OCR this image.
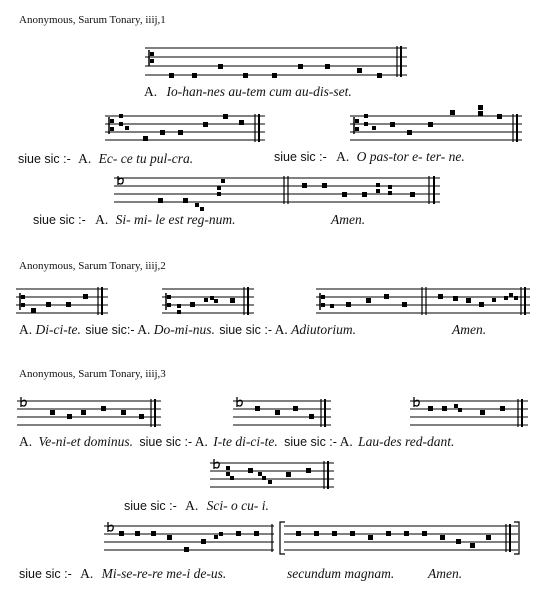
Anonymous, Sarum Tonary, iiij,1
A. Io-han-nes au-tem cum au-dis-set.
siue sic :- A. Ec- ce tu pul-cra.	siue sic :- A. O pas-tor e- ter- ne.
siue sic :- A. Si- mi- le est reg-num.	Amen.
Anonymous, Sarum Tonary, iiij,2
A. Di-ci-te. siue sic:- A. Do-mi-nus. siue sic :- A. Adiutorium.	Amen.
Anonymous, Sarum Tonary, iiij,3
A. Ve-ni-et dominus. siue sic :- A. I-te di-ci-te. siue sic :- A. Lau-des red-dant.
siue sic :- A. Sci- o cu- i.
siue sic :- A. Mi-se-re-re me-i de-us.	secundum magnam.	Amen.
